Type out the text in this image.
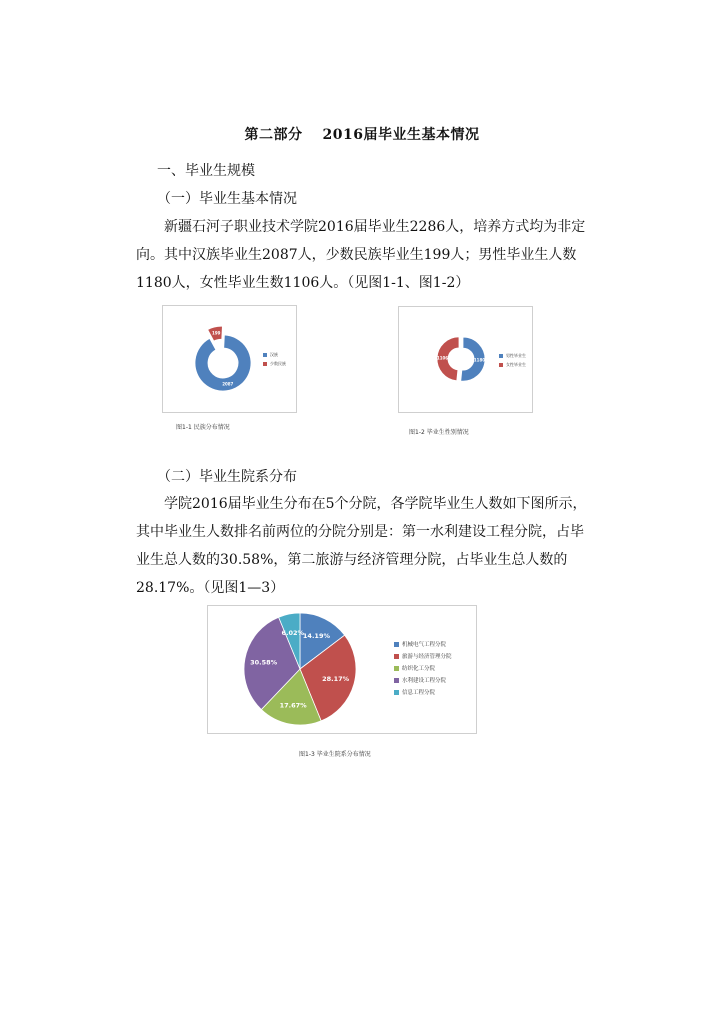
第二部分 2016届毕业生基本情况
一、毕业生规模
（一）毕业生基本情况
新疆石河子职业技术学院2016届毕业生2286人，培养方式均为非定向。其中汉族毕业生2087人，少数民族毕业生199人；男性毕业生人数1180人，女性毕业生数1106人。（见图1-1、图1-2）
2087
199
汉族
少数民族
图1-1 民族分布情况
1180
1106	男性毕业生
女性毕业生
图1-2 毕业生性别情况
（二）毕业生院系分布
学院2016届毕业生分布在5个分院，各学院毕业生人数如下图所示，其中毕业生人数排名前两位的分院分别是：第一水利建设工程分院，占毕业生总人数的30.58%，第二旅游与经济管理分院，占毕业生总人数的28.17%。（见图1—3）
14.19%
28.17%
17.67%
30.58%
6.02%
机械电气工程分院
旅游与经济管理分院
纺织化工分院
水利建设工程分院
信息工程分院
图1-3 毕业生院系分布情况
